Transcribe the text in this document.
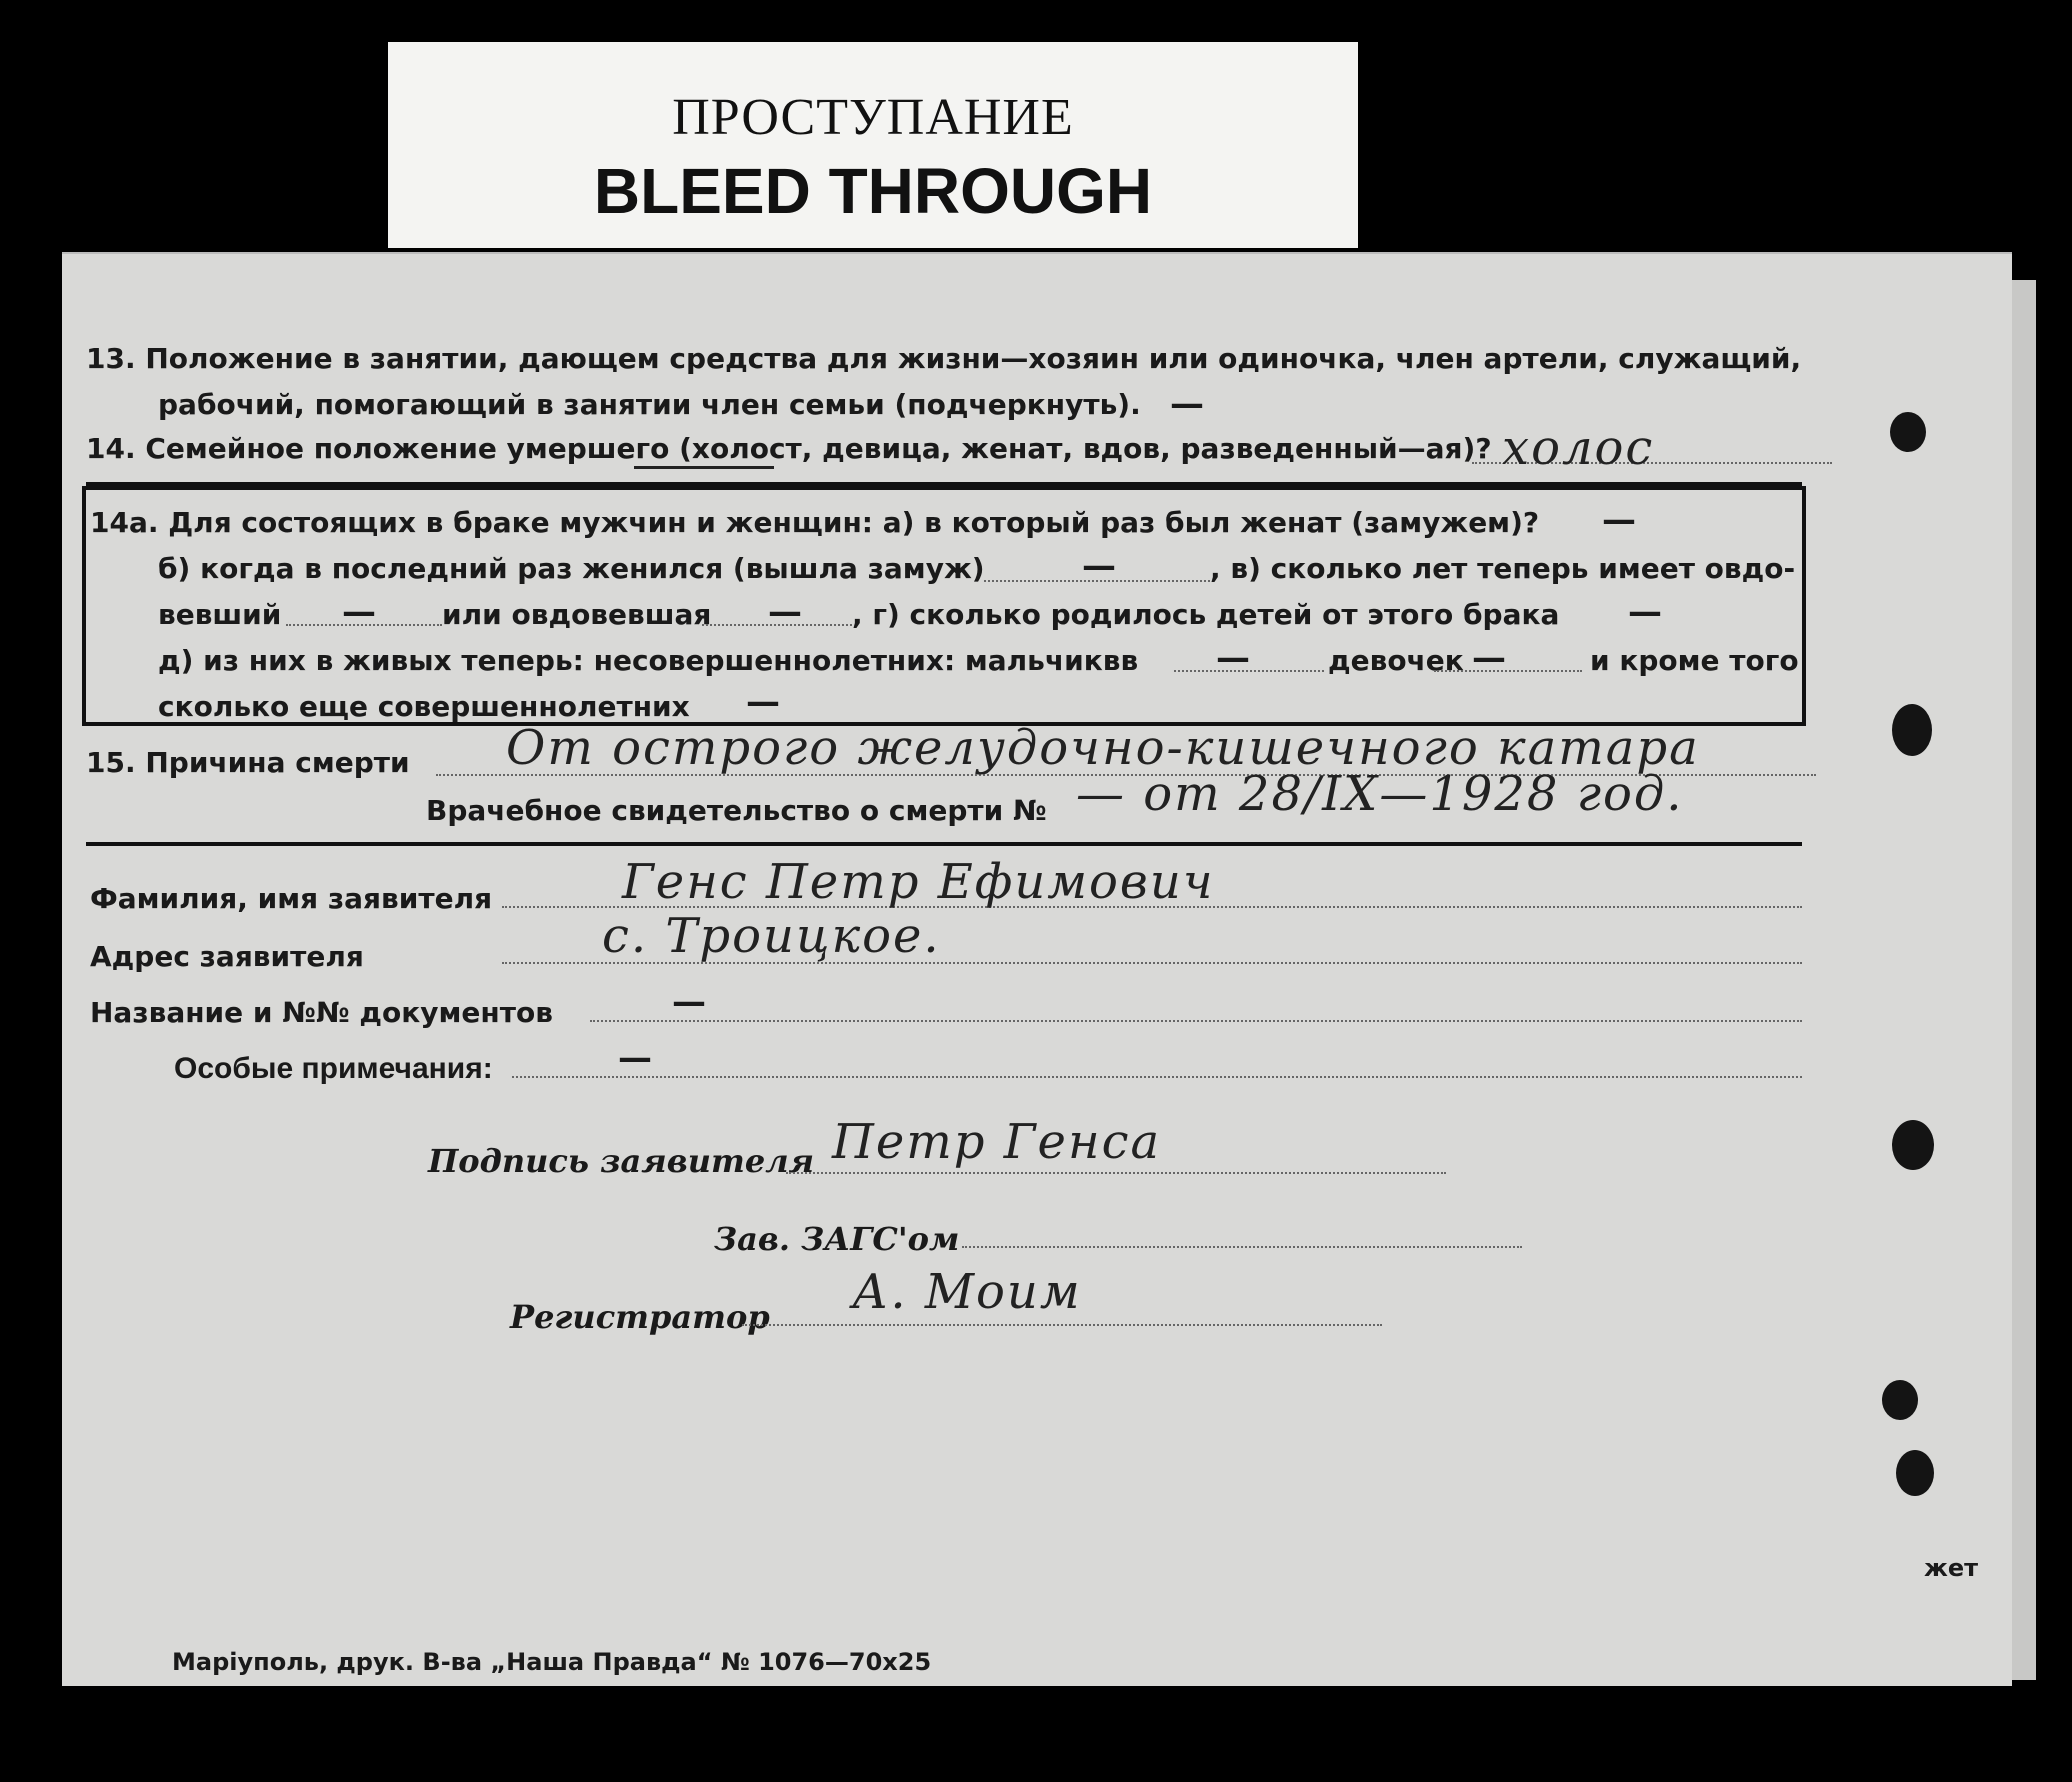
ПРОСТУПАНИЕ
BLEED THROUGH
13. Положение в занятии, дающем средства для жизни—хозяин или одиночка, член артели, служащий,
рабочий, помогающий в занятии член семьи (подчеркнуть). —
14. Семейное положение умершего (холост, девица, женат, вдов, разведенный—ая)? холос
14а. Для состоящих в браке мужчин и женщин: а) в который раз был женат (замужем)? —
б) когда в последний раз женился (вышла замуж)	—	, в) сколько лет теперь имеет овдо-
вевший — или овдовевшая — , г) сколько родилось детей от этого брака —
д) из них в живых теперь: несовершеннолетних: мальчиквв —	девочек —	и кроме того
сколько еще совершеннолетних —
15. Причина смерти От острого желудочно-кишечного катара
Врачебное свидетельство о смерти № — от 28/IX—1928 год.
Фамилия, имя заявителя	Генс Петр Ефимович
Адрес заявителя	с. Троицкое.
Название и №№ документов	—
Особые примечания:	—
Подпись заявителя Петр Генса
Зав. ЗАГС'ом
Регистратор А. Моим
жет
Мaріуполь, друк. В-ва „Наша Правда“ № 1076—70х25
